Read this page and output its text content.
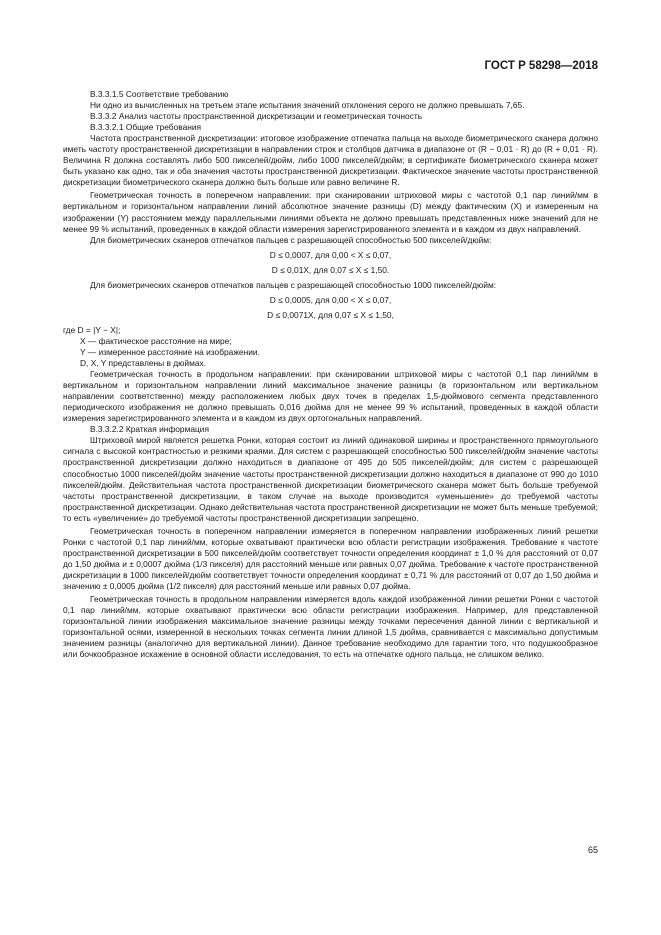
ГОСТ Р 58298—2018

В.3.3.1.5 Соответствие требованию

Ни одно из вычисленных на третьем этапе испытания значений отклонения серого не должно превышать 7,65.

В.3.3.2 Анализ частоты пространственной дискретизации и геометрическая точность

В.3.3.2.1 Общие требования

Частота пространственной дискретизации: итоговое изображение отпечатка пальца на выходе биометрического сканера должно иметь частоту пространственной дискретизации в направлении строк и столбцов датчика в диапазоне от (R − 0,01 · R) до (R + 0,01 · R). Величина R должна составлять либо 500 пикселей/дюйм, либо 1000 пикселей/дюйм; в сертификате биометрического сканера может быть указано как одно, так и оба значения частоты пространственной дискретизации. Фактическое значение частоты пространственной дискретизации биометрического сканера должно быть больше или равно величине R.

Геометрическая точность в поперечном направлении: при сканировании штриховой миры с частотой 0,1 пар линий/мм в вертикальном и горизонтальном направлении линий абсолютное значение разницы (D) между фактическим (X) и измеренным на изображении (Y) расстоянием между параллельными линиями объекта не должно превышать представленных ниже значений для не менее 99 % испытаний, проведенных в каждой области измерения зарегистрированного элемента и в каждом из двух направлений.

Для биометрических сканеров отпечатков пальцев с разрешающей способностью 500 пикселей/дюйм:

D ≤ 0,0007, для 0,00 < X ≤ 0,07,

D ≤ 0,01X, для 0,07 ≤ X ≤ 1,50.

Для биометрических сканеров отпечатков пальцев с разрешающей способностью 1000 пикселей/дюйм:

D ≤ 0,0005, для 0,00 < X ≤ 0,07,

D ≤ 0,0071X, для 0,07 ≤ X ≤ 1,50,

где D = |Y − X|;

X — фактическое расстояние на мире;

Y — измеренное расстояние на изображении.

D, X, Y представлены в дюймах.

Геометрическая точность в продольном направлении: при сканировании штриховой миры с частотой 0,1 пар линий/мм в вертикальном и горизонтальном направлении линий максимальное значение разницы (в горизонтальном или вертикальном направлении соответственно) между расположением любых двух точек в пределах 1,5-дюймового сегмента представленного периодического изображения не должно превышать 0,016 дюйма для не менее 99 % испытаний, проведенных в каждой области измерения зарегистрированного элемента и в каждом из двух ортогональных направлений.

В.3.3.2.2 Краткая информация

Штриховой мирой является решетка Ронки, которая состоит из линий одинаковой ширины и пространственного прямоугольного сигнала с высокой контрастностью и резкими краями. Для систем с разрешающей способностью 500 пикселей/дюйм значение частоты пространственной дискретизации должно находиться в диапазоне от 495 до 505 пикселей/дюйм; для систем с разрешающей способностью 1000 пикселей/дюйм значение частоты пространственной дискретизации должно находиться в диапазоне от 990 до 1010 пикселей/дюйм. Действительная частота пространственной дискретизации биометрического сканера может быть больше требуемой частоты пространственной дискретизации, в таком случае на выходе производится «уменьшение» до требуемой частоты пространственной дискретизации. Однако действительная частота пространственной дискретизации не может быть меньше требуемой; то есть «увеличение» до требуемой частоты пространственной дискретизации запрещено.

Геометрическая точность в поперечном направлении измеряется в поперечном направлении изображенных линий решетки Ронки с частотой 0,1 пар линий/мм, которые охватывают практически всю области регистрации изображения. Требование к частоте пространственной дискретизации в 500 пикселей/дюйм соответствует точности определения координат ± 1,0 % для расстояний от 0,07 до 1,50 дюйма и ± 0,0007 дюйма (1/3 пикселя) для расстояний меньше или равных 0,07 дюйма. Требование к частоте пространственной дискретизации в 1000 пикселей/дюйм соответствует точности определения координат ± 0,71 % для расстояний от 0,07 до 1,50 дюйма и значению ± 0,0005 дюйма (1/2 пикселя) для расстояний меньше или равных 0,07 дюйма.

Геометрическая точность в продольном направлении измеряется вдоль каждой изображенной линии решетки Ронки с частотой 0,1 пар линий/мм, которые охватывают практически всю области регистрации изображения. Например, для представленной горизонтальной линии изображения максимальное значение разницы между точками пересечения данной линии с вертикальной и горизонтальной осями, измеренной в нескольких точках сегмента линии длиной 1,5 дюйма, сравнивается с максимально допустимым значением разницы (аналогично для вертикальной линии). Данное требование необходимо для гарантии того, что подушкообразное или бочкообразное искажение в основной области исследования, то есть на отпечатке одного пальца, не слишком велико.

65
